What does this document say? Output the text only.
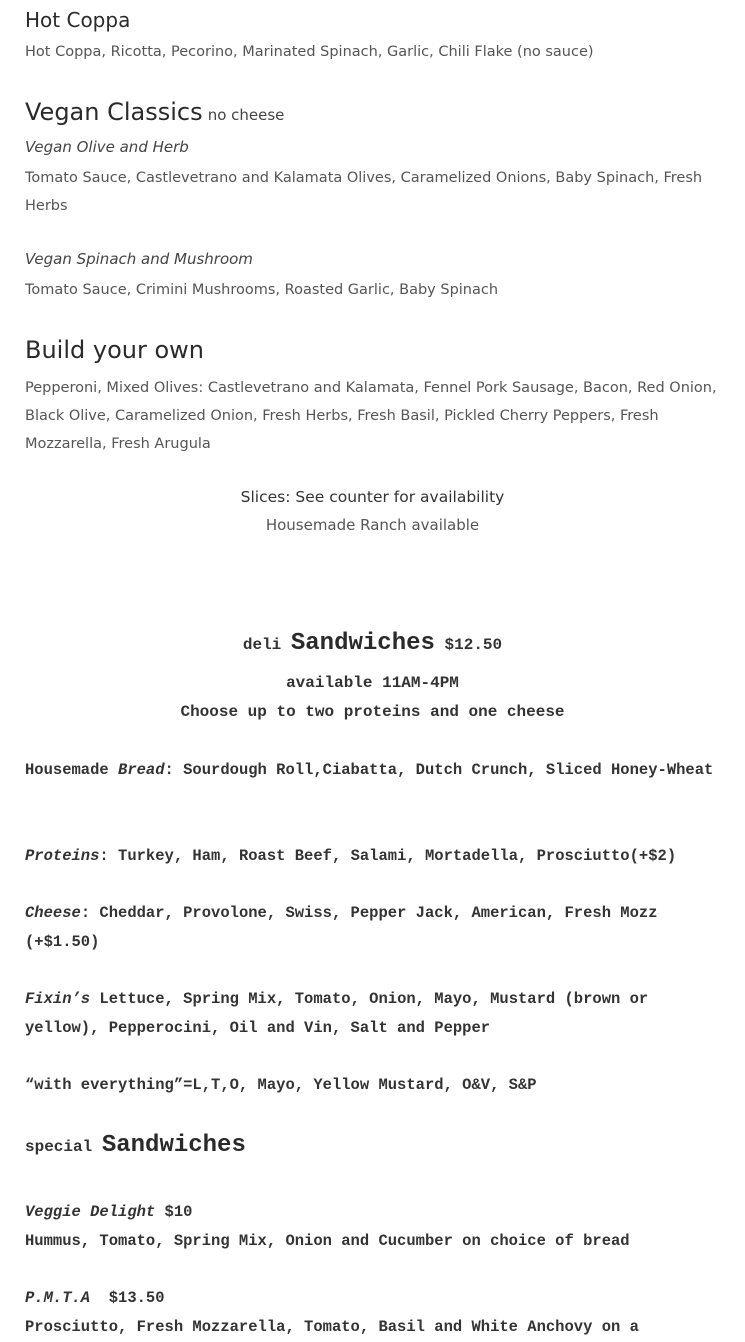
Hot Coppa
Hot Coppa, Ricotta, Pecorino, Marinated Spinach, Garlic, Chili Flake (no sauce)
Vegan Classics no cheese
Vegan Olive and Herb
Tomato Sauce, Castlevetrano and Kalamata Olives, Caramelized Onions, Baby Spinach, Fresh Herbs
Vegan Spinach and Mushroom
Tomato Sauce, Crimini Mushrooms, Roasted Garlic, Baby Spinach
Build your own
Pepperoni, Mixed Olives: Castlevetrano and Kalamata, Fennel Pork Sausage, Bacon, Red Onion, Black Olive, Caramelized Onion, Fresh Herbs, Fresh Basil, Pickled Cherry Peppers, Fresh Mozzarella, Fresh Arugula
Slices: See counter for availability
Housemade Ranch available
deli Sandwiches $12.50
available 11AM-4PM
Choose up to two proteins and one cheese
Housemade Bread: Sourdough Roll,Ciabatta, Dutch Crunch, Sliced Honey-Wheat
Proteins: Turkey, Ham, Roast Beef, Salami, Mortadella, Prosciutto(+$2)
Cheese: Cheddar, Provolone, Swiss, Pepper Jack, American, Fresh Mozz (+$1.50)
Fixin’s Lettuce, Spring Mix, Tomato, Onion, Mayo, Mustard (brown or yellow), Pepperocini, Oil and Vin, Salt and Pepper
“with everything”=L,T,O, Mayo, Yellow Mustard, O&V, S&P
special Sandwiches
Veggie Delight $10
Hummus, Tomato, Spring Mix, Onion and Cucumber on choice of bread
P.M.T.A  $13.50
Prosciutto, Fresh Mozzarella, Tomato, Basil and White Anchovy on a
